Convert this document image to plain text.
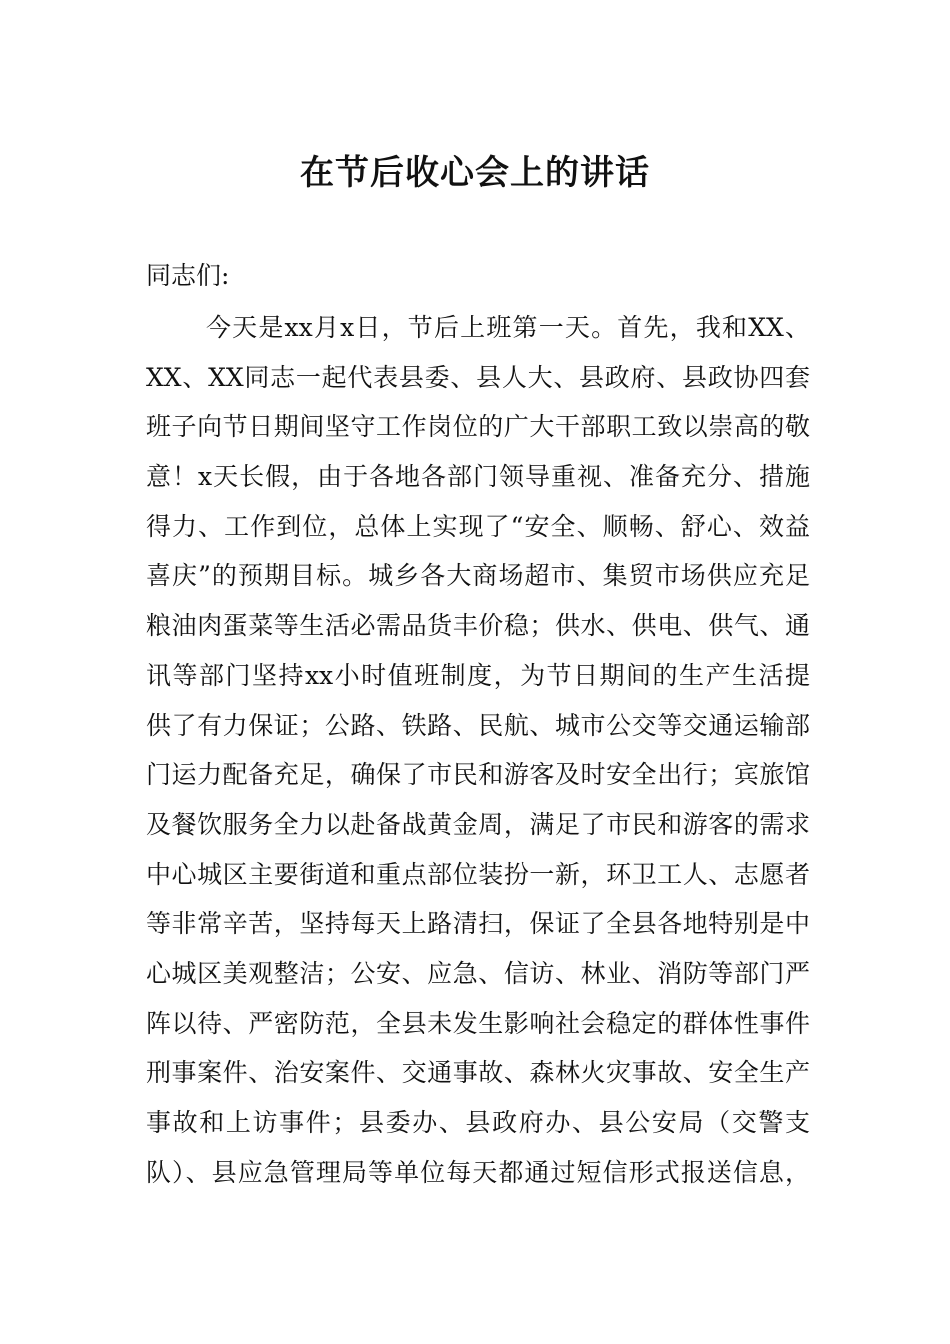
在节后收心会上的讲话

同志们:

今天是xx月x日，节后上班第一天。首先，我和XX、
XX、XX同志一起代表县委、县人大、县政府、县政协四套
班子向节日期间坚守工作岗位的广大干部职工致以崇高的敬
意！x天长假，由于各地各部门领导重视、准备充分、措施
得力、工作到位，总体上实现了“安全、顺畅、舒心、效益
喜庆”的预期目标。城乡各大商场超市、集贸市场供应充足
粮油肉蛋菜等生活必需品货丰价稳；供水、供电、供气、通
讯等部门坚持xx小时值班制度，为节日期间的生产生活提
供了有力保证；公路、铁路、民航、城市公交等交通运输部
门运力配备充足，确保了市民和游客及时安全出行；宾旅馆
及餐饮服务全力以赴备战黄金周，满足了市民和游客的需求
中心城区主要街道和重点部位装扮一新，环卫工人、志愿者
等非常辛苦，坚持每天上路清扫，保证了全县各地特别是中
心城区美观整洁；公安、应急、信访、林业、消防等部门严
阵以待、严密防范，全县未发生影响社会稳定的群体性事件
刑事案件、治安案件、交通事故、森林火灾事故、安全生产
事故和上访事件；县委办、县政府办、县公安局（交警支
队）、县应急管理局等单位每天都通过短信形式报送信息，
